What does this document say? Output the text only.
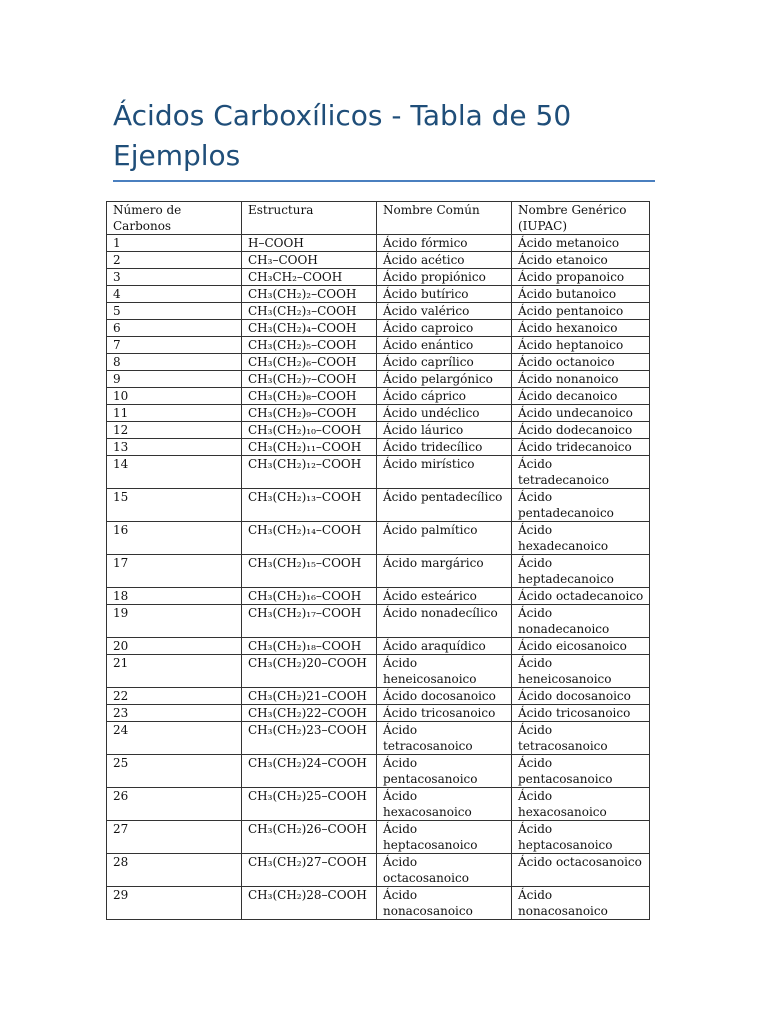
Ácidos Carboxílicos - Tabla de 50 Ejemplos
Número de Carbonos	Estructura	Nombre Común	Nombre Genérico (IUPAC)
1	H–COOH	Ácido fórmico	Ácido metanoico
2	CH₃–COOH	Ácido acético	Ácido etanoico
3	CH₃CH₂–COOH	Ácido propiónico	Ácido propanoico
4	CH₃(CH₂)₂–COOH	Ácido butírico	Ácido butanoico
5	CH₃(CH₂)₃–COOH	Ácido valérico	Ácido pentanoico
6	CH₃(CH₂)₄–COOH	Ácido caproico	Ácido hexanoico
7	CH₃(CH₂)₅–COOH	Ácido enántico	Ácido heptanoico
8	CH₃(CH₂)₆–COOH	Ácido caprílico	Ácido octanoico
9	CH₃(CH₂)₇–COOH	Ácido pelargónico	Ácido nonanoico
10	CH₃(CH₂)₈–COOH	Ácido cáprico	Ácido decanoico
11	CH₃(CH₂)₉–COOH	Ácido undéclico	Ácido undecanoico
12	CH₃(CH₂)₁₀–COOH	Ácido láurico	Ácido dodecanoico
13	CH₃(CH₂)₁₁–COOH	Ácido tridecílico	Ácido tridecanoico
14	CH₃(CH₂)₁₂–COOH	Ácido mirístico	Ácido tetradecanoico
15	CH₃(CH₂)₁₃–COOH	Ácido pentadecílico	Ácido pentadecanoico
16	CH₃(CH₂)₁₄–COOH	Ácido palmítico	Ácido hexadecanoico
17	CH₃(CH₂)₁₅–COOH	Ácido margárico	Ácido heptadecanoico
18	CH₃(CH₂)₁₆–COOH	Ácido esteárico	Ácido octadecanoico
19	CH₃(CH₂)₁₇–COOH	Ácido nonadecílico	Ácido nonadecanoico
20	CH₃(CH₂)₁₈–COOH	Ácido araquídico	Ácido eicosanoico
21	CH₃(CH₂)20–COOH	Ácido heneicosanoico	Ácido heneicosanoico
22	CH₃(CH₂)21–COOH	Ácido docosanoico	Ácido docosanoico
23	CH₃(CH₂)22–COOH	Ácido tricosanoico	Ácido tricosanoico
24	CH₃(CH₂)23–COOH	Ácido tetracosanoico	Ácido tetracosanoico
25	CH₃(CH₂)24–COOH	Ácido pentacosanoico	Ácido pentacosanoico
26	CH₃(CH₂)25–COOH	Ácido hexacosanoico	Ácido hexacosanoico
27	CH₃(CH₂)26–COOH	Ácido heptacosanoico	Ácido heptacosanoico
28	CH₃(CH₂)27–COOH	Ácido octacosanoico	Ácido octacosanoico
29	CH₃(CH₂)28–COOH	Ácido nonacosanoico	Ácido nonacosanoico
